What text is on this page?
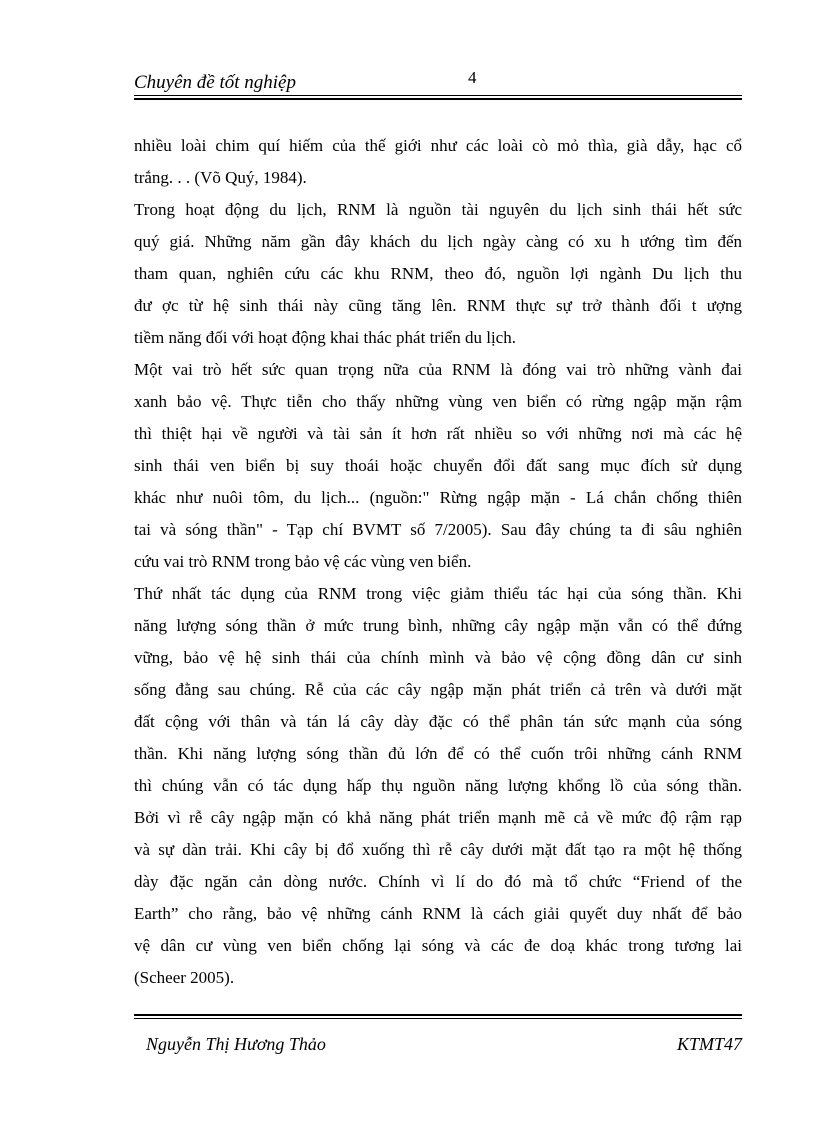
Chuyên đề tốt nghiệp	4
nhiều loài chim quí hiếm của thế giới như các loài cò mỏ thìa, già dẫy, hạc cổ
trắng. . . (Võ Quý, 1984).
Trong hoạt động du lịch, RNM là nguồn tài nguyên du lịch sinh thái hết sức
quý giá. Những năm gần đây khách du lịch ngày càng có xu h ướng tìm đến
tham quan, nghiên cứu các khu RNM, theo đó, nguồn lợi ngành Du lịch thu
đư ợc từ hệ sinh thái này cũng tăng lên. RNM thực sự trở thành đối t ượng
tiềm năng đối với hoạt động khai thác phát triển du lịch.
Một vai trò hết sức quan trọng nữa của RNM là đóng vai trò những vành đai
xanh bảo vệ. Thực tiễn cho thấy những vùng ven biển có rừng ngập mặn rậm
thì thiệt hại về người và tài sản ít hơn rất nhiều so với những nơi mà các hệ
sinh thái ven biển bị suy thoái hoặc chuyển đổi đất sang mục đích sử dụng
khác như nuôi tôm, du lịch... (nguồn:" Rừng ngập mặn - Lá chắn chống thiên
tai và sóng thần" - Tạp chí BVMT số 7/2005). Sau đây chúng ta đi sâu nghiên
cứu vai trò RNM trong bảo vệ các vùng ven biển.
Thứ nhất tác dụng của RNM trong việc giảm thiểu tác hại của sóng thần. Khi
năng lượng sóng thần ở mức trung bình, những cây ngập mặn vẫn có thể đứng
vững, bảo vệ hệ sinh thái của chính mình và bảo vệ cộng đồng dân cư sinh
sống đằng sau chúng. Rễ của các cây ngập mặn phát triển cả trên và dưới mặt
đất cộng với thân và tán lá cây dày đặc có thể phân tán sức mạnh của sóng
thần. Khi năng lượng sóng thần đủ lớn để có thể cuốn trôi những cánh RNM
thì chúng vẫn có tác dụng hấp thụ nguồn năng lượng khổng lồ của sóng thần.
Bởi vì rễ cây ngập mặn có khả năng phát triển mạnh mẽ cả về mức độ rậm rạp
và sự dàn trải. Khi cây bị đổ xuống thì rễ cây dưới mặt đất tạo ra một hệ thống
dày đặc ngăn cản dòng nước. Chính vì lí do đó mà tổ chức “Friend of the
Earth” cho rằng, bảo vệ những cánh RNM là cách giải quyết duy nhất để bảo
vệ dân cư vùng ven biển chống lại sóng và các đe doạ khác trong tương lai
(Scheer 2005).
Nguyễn Thị Hương Thảo	KTMT47
